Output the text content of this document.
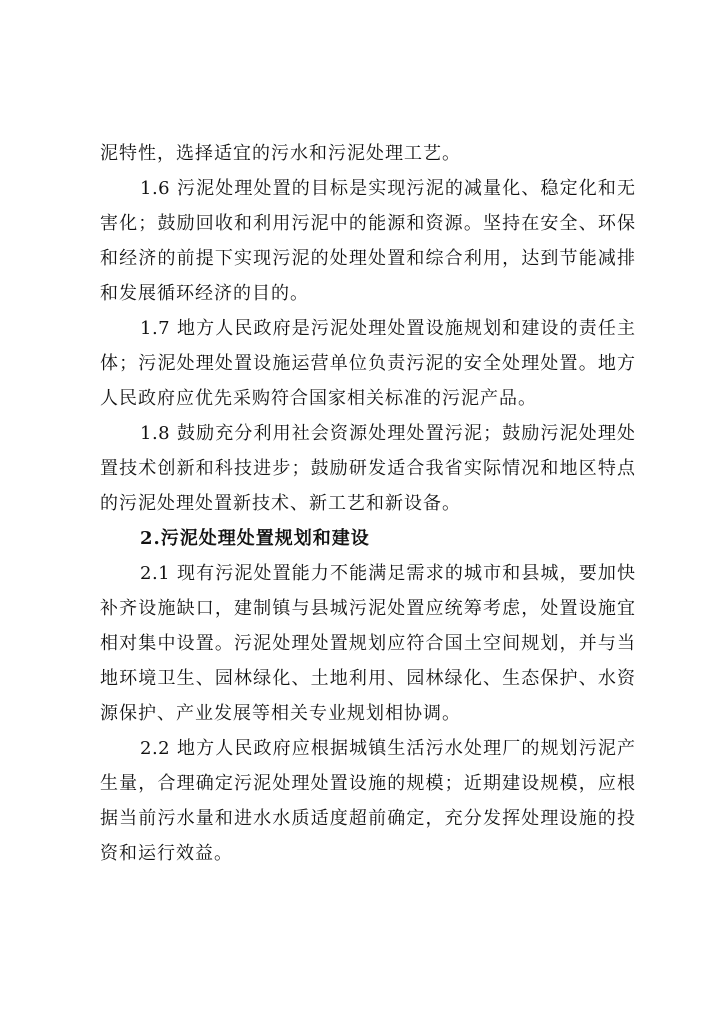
泥特性，选择适宜的污水和污泥处理工艺。

1.6 污泥处理处置的目标是实现污泥的减量化、稳定化和无害化；鼓励回收和利用污泥中的能源和资源。坚持在安全、环保和经济的前提下实现污泥的处理处置和综合利用，达到节能减排和发展循环经济的目的。

1.7 地方人民政府是污泥处理处置设施规划和建设的责任主体；污泥处理处置设施运营单位负责污泥的安全处理处置。地方人民政府应优先采购符合国家相关标准的污泥产品。

1.8 鼓励充分利用社会资源处理处置污泥；鼓励污泥处理处置技术创新和科技进步；鼓励研发适合我省实际情况和地区特点的污泥处理处置新技术、新工艺和新设备。

2.污泥处理处置规划和建设

2.1 现有污泥处置能力不能满足需求的城市和县城，要加快补齐设施缺口，建制镇与县城污泥处置应统筹考虑，处置设施宜相对集中设置。污泥处理处置规划应符合国土空间规划，并与当地环境卫生、园林绿化、土地利用、园林绿化、生态保护、水资源保护、产业发展等相关专业规划相协调。

2.2 地方人民政府应根据城镇生活污水处理厂的规划污泥产生量，合理确定污泥处理处置设施的规模；近期建设规模，应根据当前污水量和进水水质适度超前确定，充分发挥处理设施的投资和运行效益。
